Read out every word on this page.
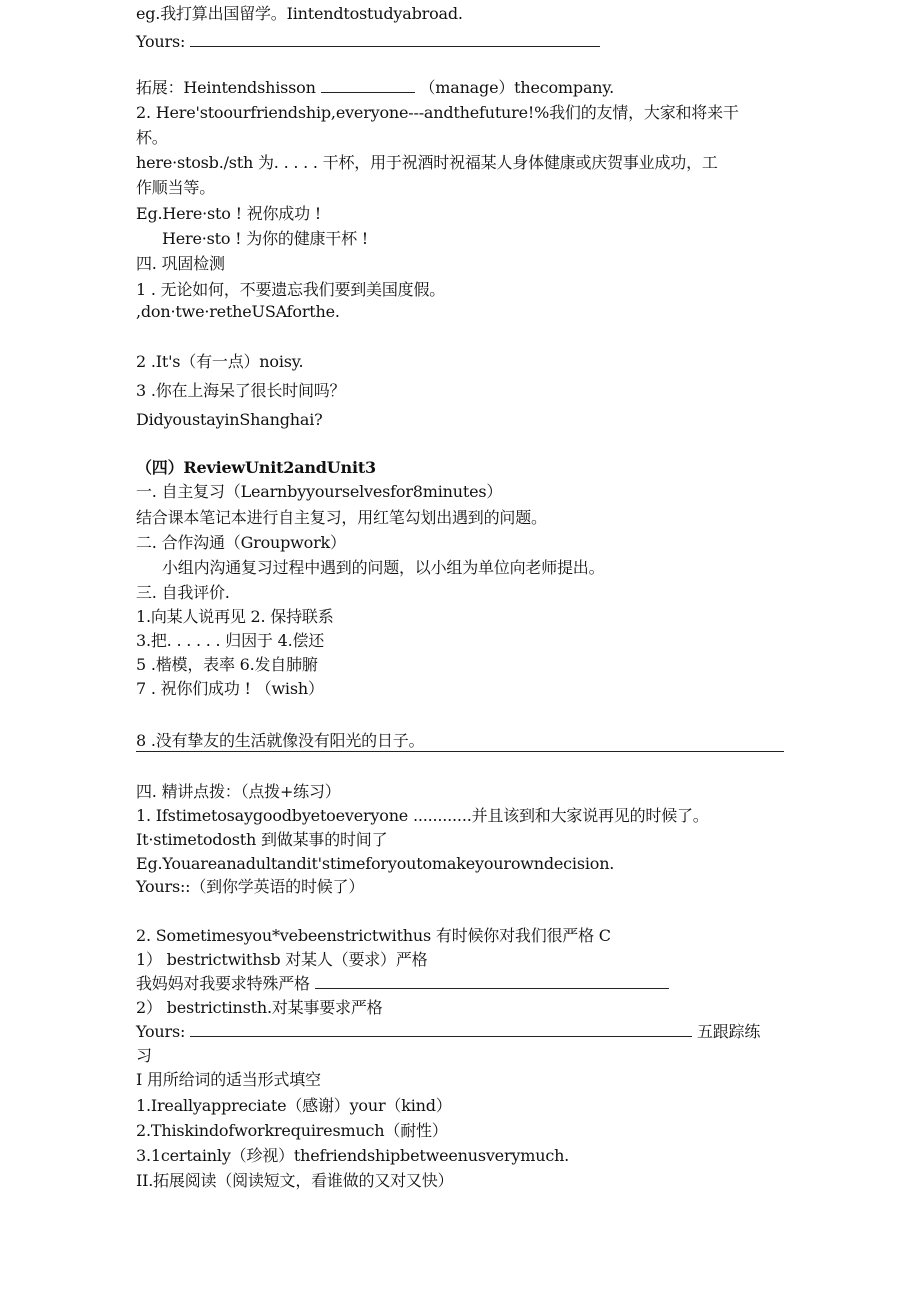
eg.我打算出国留学。Iintendtostudyabroad.
Yours:
拓展：Heintendshisson	（manage）thecompany.
2. Here'stoourfriendship,everyone---andthefuture!%我们的友情，大家和将来干
杯。
here·stosb./sth 为. . . . . 干杯，用于祝酒时祝福某人身体健康或庆贺事业成功，工
作顺当等。
Eg.Here·sto ! 祝你成功 !
Here·sto ! 为你的健康干杯 !
四. 巩固检测
1 . 无论如何，不要遗忘我们要到美国度假。
,don·twe·retheUSAforthe.
2 .It's（有一点）noisy.
3 .你在上海呆了很长时间吗？
DidyoustayinShanghai?
（四）ReviewUnit2andUnit3
一. 自主复习（Learnbyyourselvesfor8minutes）
结合课本笔记本进行自主复习，用红笔勾划出遇到的问题。
二. 合作沟通（Groupwork）
小组内沟通复习过程中遇到的问题，以小组为单位向老师提出。
三. 自我评价.
1.向某人说再见 2. 保持联系
3.把. . . . . . 归因于 4.偿还
5 .楷模，表率 6.发自肺腑
7 . 祝你们成功 ! （wish）
8 .没有挚友的生活就像没有阳光的日子。
四. 精讲点拨：（点拨+练习）
1. Ifstimetosaygoodbyetoeveryone ............并且该到和大家说再见的时候了。
It·stimetodosth 到做某事的时间了
Eg.Youareanadultandit'stimeforyoutomakeyourowndecision.
Yours::（到你学英语的时候了）
2. Sometimesyou*vebeenstrictwithus 有时候你对我们很严格 C
1） bestrictwithsb 对某人（要求）严格
我妈妈对我要求特殊严格
2） bestrictinsth.对某事要求严格
Yours:	五跟踪练
习
I 用所给词的适当形式填空
1.Ireallyappreciate（感谢）your（kind）
2.Thiskindofworkrequiresmuch（耐性）
3.1certainly（珍视）thefriendshipbetweenusverymuch.
II.拓展阅读（阅读短文，看谁做的又对又快）
